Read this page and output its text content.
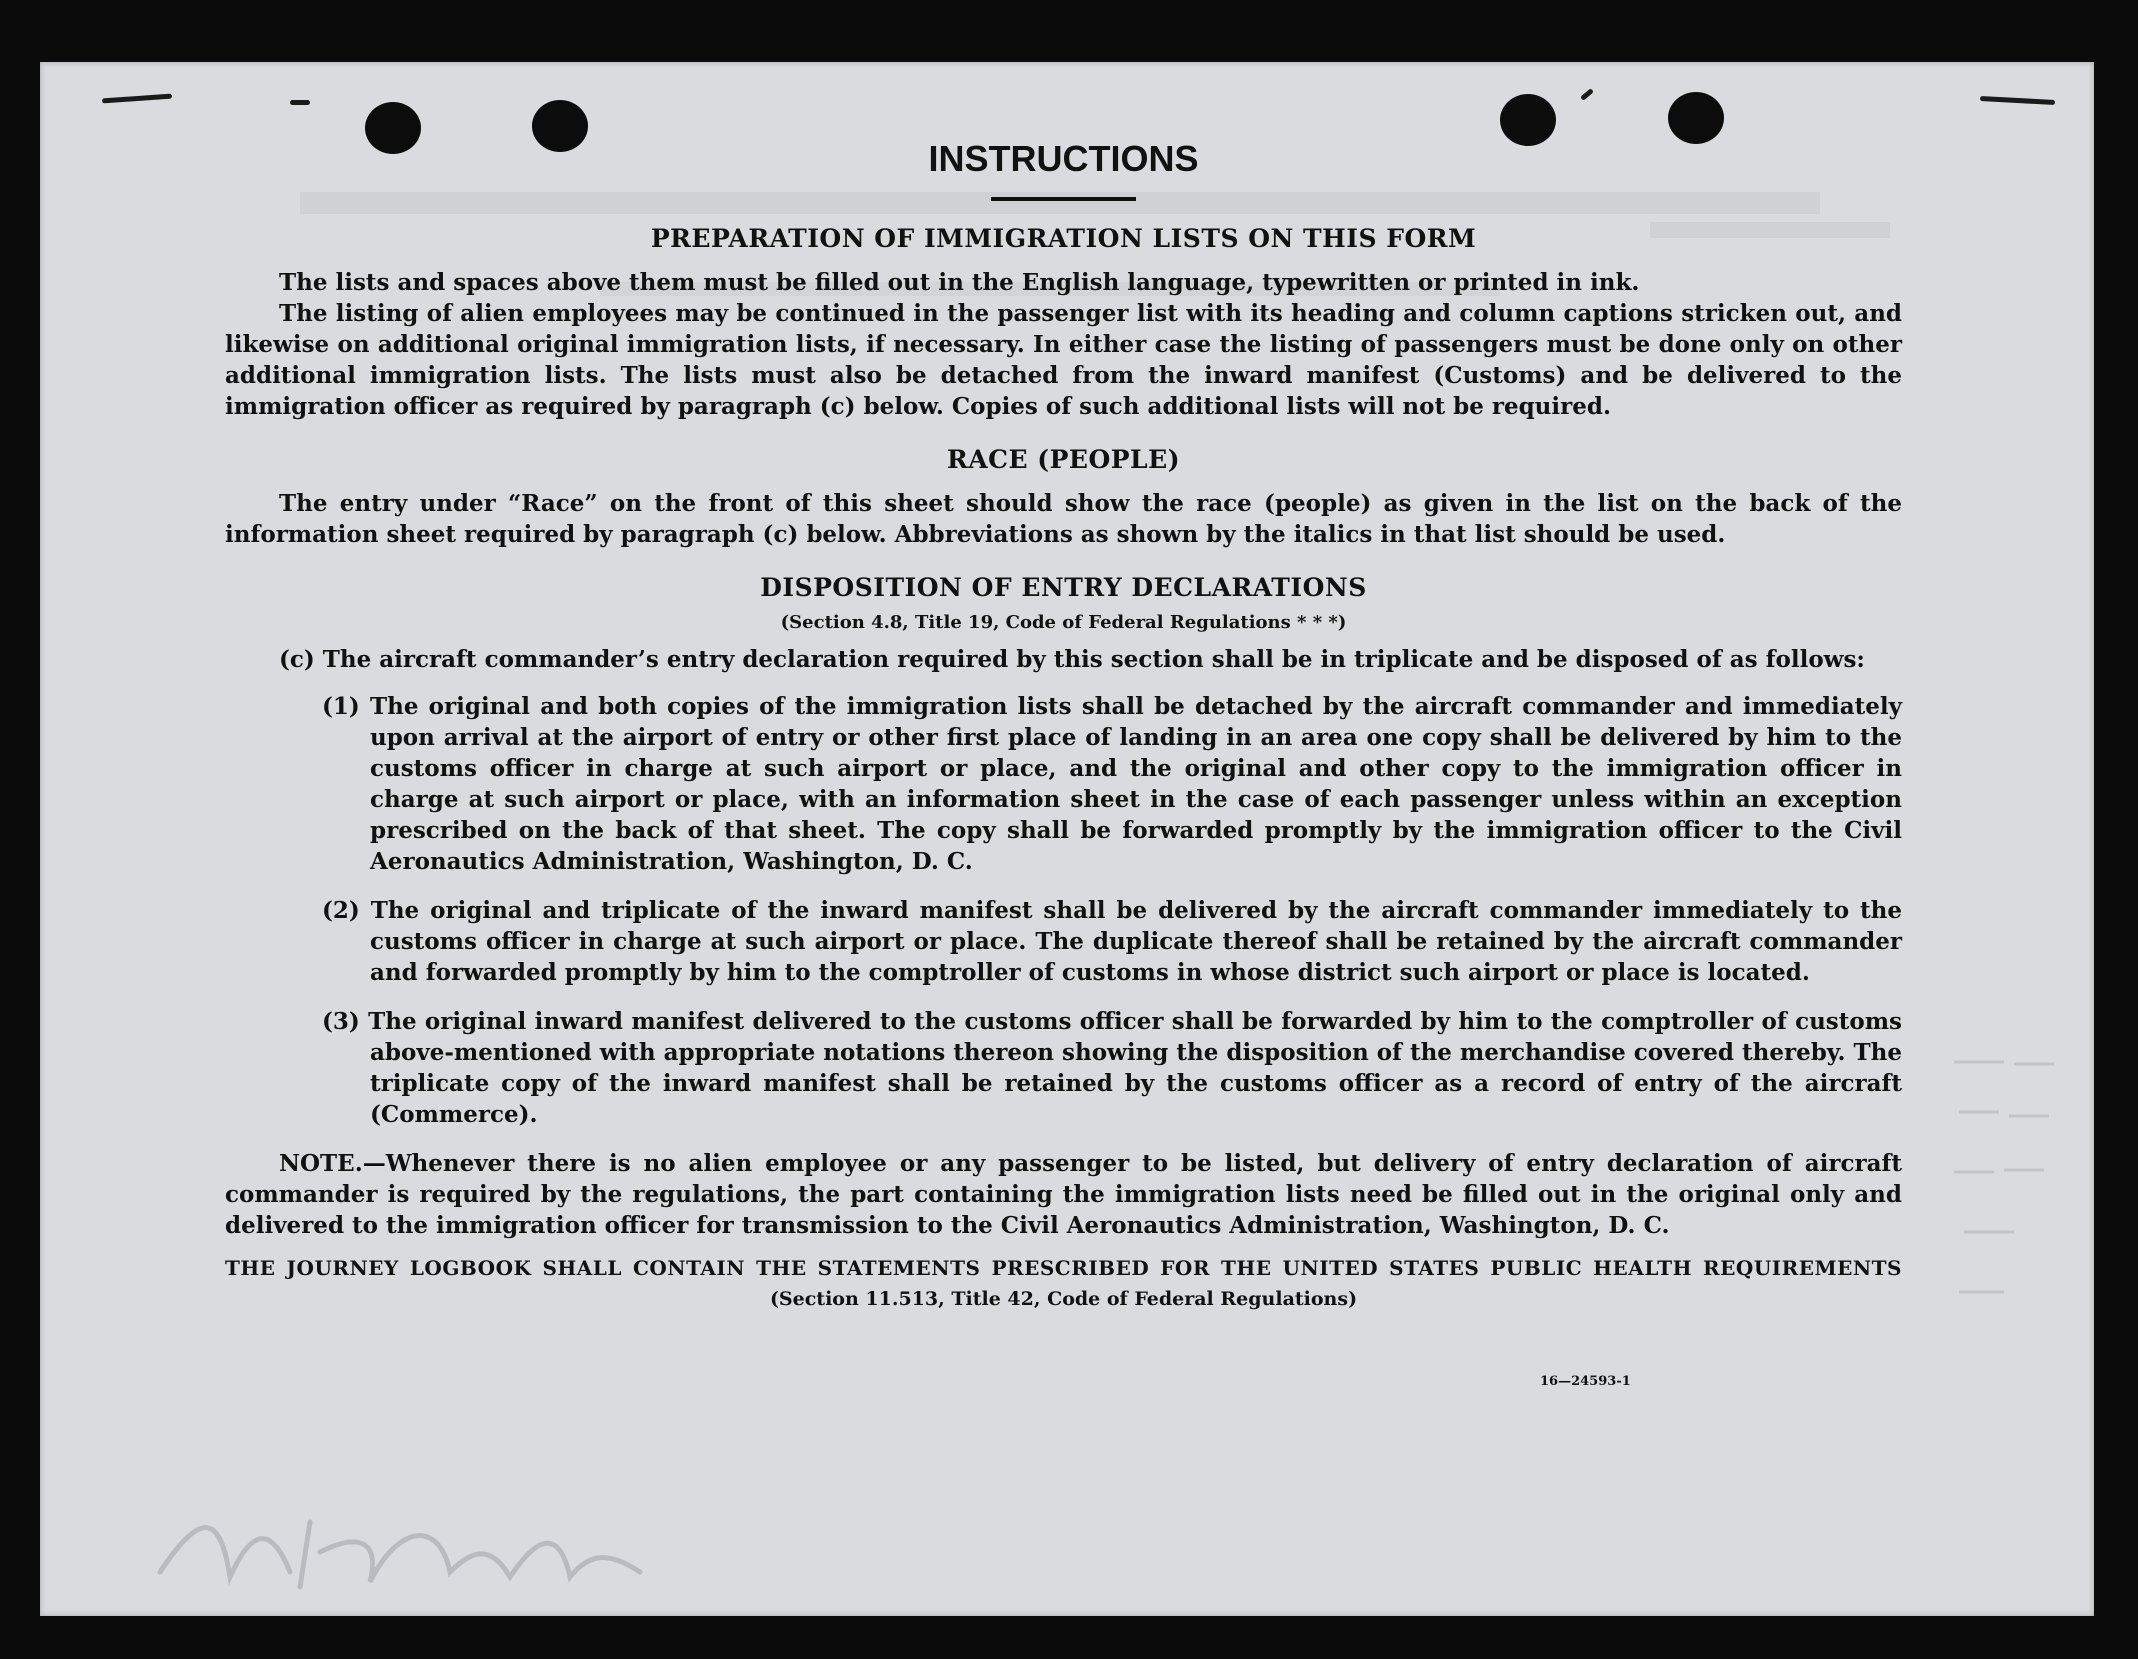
INSTRUCTIONS
PREPARATION OF IMMIGRATION LISTS ON THIS FORM

The lists and spaces above them must be filled out in the English language, typewritten or printed in ink.

The listing of alien employees may be continued in the passenger list with its heading and column captions stricken out, and likewise on additional original immigration lists, if necessary. In either case the listing of passengers must be done only on other additional immigration lists. The lists must also be detached from the inward manifest (Customs) and be delivered to the immigration officer as required by paragraph (c) below. Copies of such additional lists will not be required.

RACE (PEOPLE)

The entry under “Race” on the front of this sheet should show the race (people) as given in the list on the back of the information sheet required by paragraph (c) below. Abbreviations as shown by the italics in that list should be used.

DISPOSITION OF ENTRY DECLARATIONS
(Section 4.8, Title 19, Code of Federal Regulations * * *)

(c) The aircraft commander’s entry declaration required by this section shall be in triplicate and be disposed of as follows:

(1) The original and both copies of the immigration lists shall be detached by the aircraft commander and immediately upon arrival at the airport of entry or other first place of landing in an area one copy shall be delivered by him to the customs officer in charge at such airport or place, and the original and other copy to the immigration officer in charge at such airport or place, with an information sheet in the case of each passenger unless within an exception prescribed on the back of that sheet. The copy shall be forwarded promptly by the immigration officer to the Civil Aeronautics Administration, Washington, D. C.

(2) The original and triplicate of the inward manifest shall be delivered by the aircraft commander immediately to the customs officer in charge at such airport or place. The duplicate thereof shall be retained by the aircraft commander and forwarded promptly by him to the comptroller of customs in whose district such airport or place is located.

(3) The original inward manifest delivered to the customs officer shall be forwarded by him to the comptroller of customs above-mentioned with appropriate notations thereon showing the disposition of the merchandise covered thereby. The triplicate copy of the inward manifest shall be retained by the customs officer as a record of entry of the aircraft (Commerce).

NOTE.—Whenever there is no alien employee or any passenger to be listed, but delivery of entry declaration of aircraft commander is required by the regulations, the part containing the immigration lists need be filled out in the original only and delivered to the immigration officer for transmission to the Civil Aeronautics Administration, Washington, D. C.

THE JOURNEY LOGBOOK SHALL CONTAIN THE STATEMENTS PRESCRIBED FOR THE UNITED STATES PUBLIC HEALTH REQUIREMENTS

(Section 11.513, Title 42, Code of Federal Regulations)

16—24593-1
